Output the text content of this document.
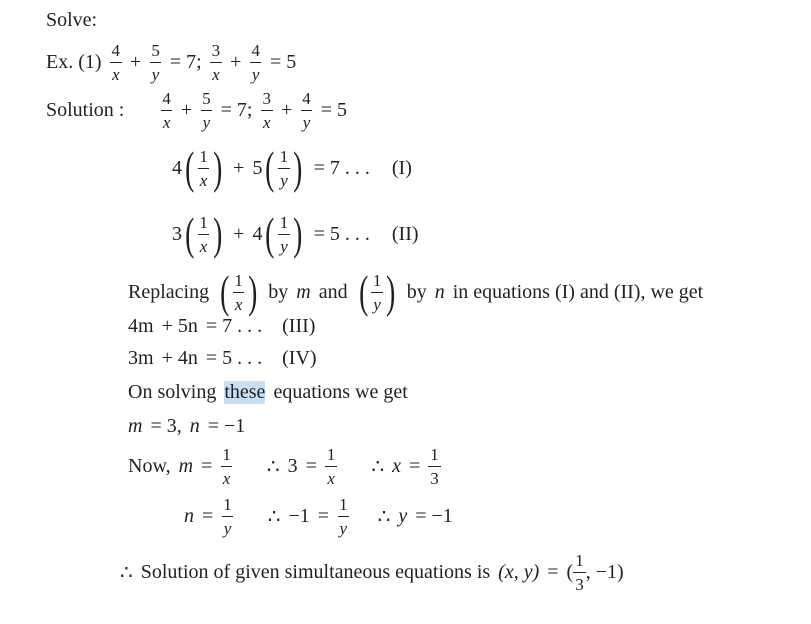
Solve:
Ex. $(1) \frac{4}{x} + \frac{5}{y} = 7$; $\frac{3}{x} + \frac{4}{y} = 5$
Solution : $\frac{4}{x} + \frac{5}{y} = 7$; $\frac{3}{x} + \frac{4}{y} = 5$
4 ( $\frac{1}{x}$ ) + 5 ( $\frac{1}{y}$ ) = 7 . . . (I)
3 ( $\frac{1}{x}$ ) + 4 ( $\frac{1}{y}$ ) = 5 . . . (II)
Replacing ( $\frac{1}{x}$ ) by m and ( $\frac{1}{y}$ ) by n in equations (I) and (II), we get
4m + 5n = 7 . . . (III)
3m + 4n = 5 . . . (IV)
On solving these equations we get
m = 3, n = −1
Now, $m = \frac{1}{x}$ ∴ $3 = \frac{1}{x}$ ∴ $x = \frac{1}{3}$
$n = \frac{1}{y}$ ∴ $-1 = \frac{1}{y}$ ∴ y = −1
∴ Solution of given simultaneous equations is (x, y) = ( $\frac{1}{3}$ , −1)
